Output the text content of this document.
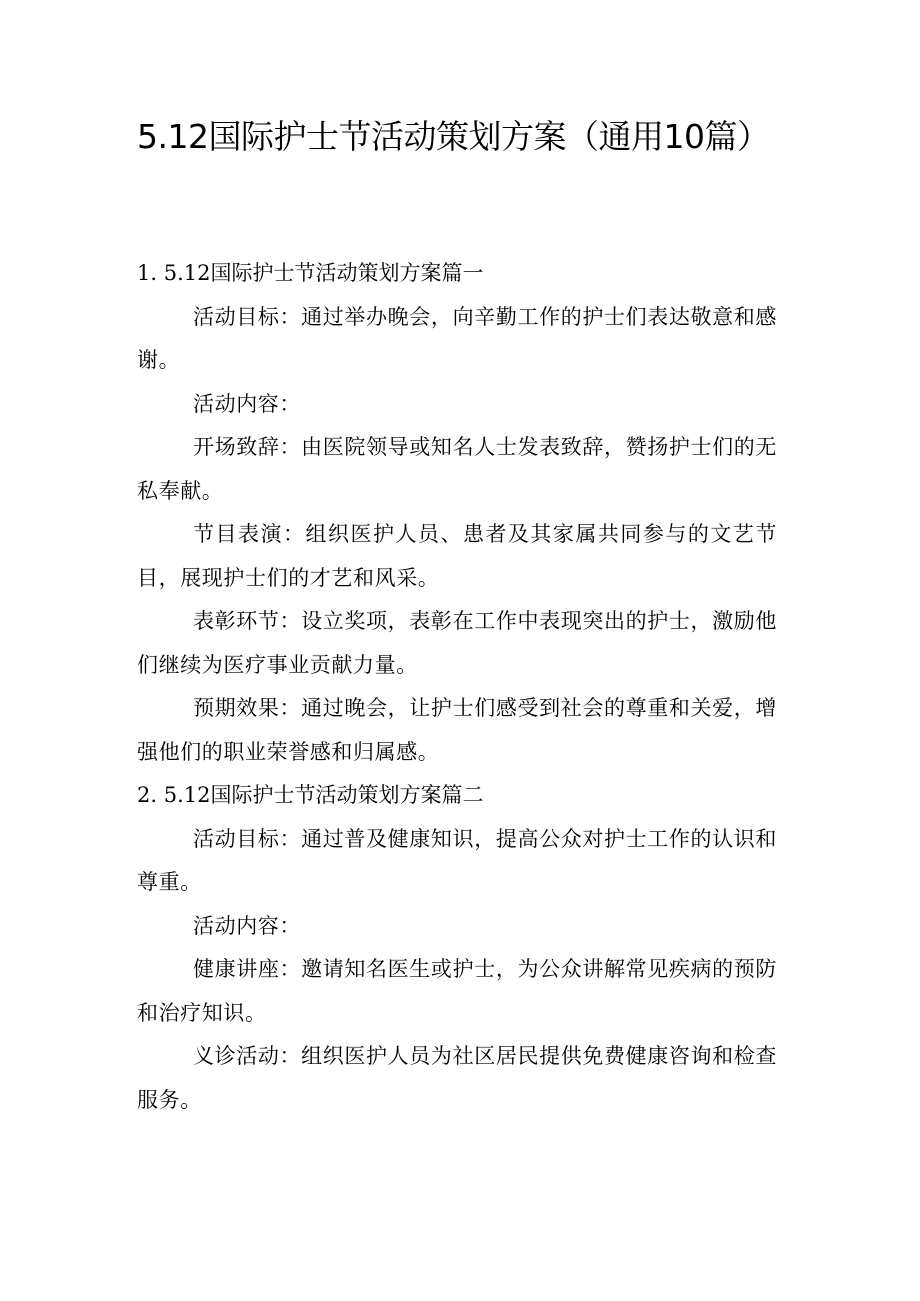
5.12国际护士节活动策划方案（通用10篇）

1. 5.12国际护士节活动策划方案篇一

活动目标：通过举办晚会，向辛勤工作的护士们表达敬意和感谢。

活动内容：

开场致辞：由医院领导或知名人士发表致辞，赞扬护士们的无私奉献。

节目表演：组织医护人员、患者及其家属共同参与的文艺节目，展现护士们的才艺和风采。

表彰环节：设立奖项，表彰在工作中表现突出的护士，激励他们继续为医疗事业贡献力量。

预期效果：通过晚会，让护士们感受到社会的尊重和关爱，增强他们的职业荣誉感和归属感。

2. 5.12国际护士节活动策划方案篇二

活动目标：通过普及健康知识，提高公众对护士工作的认识和尊重。

活动内容：

健康讲座：邀请知名医生或护士，为公众讲解常见疾病的预防和治疗知识。

义诊活动：组织医护人员为社区居民提供免费健康咨询和检查服务。
